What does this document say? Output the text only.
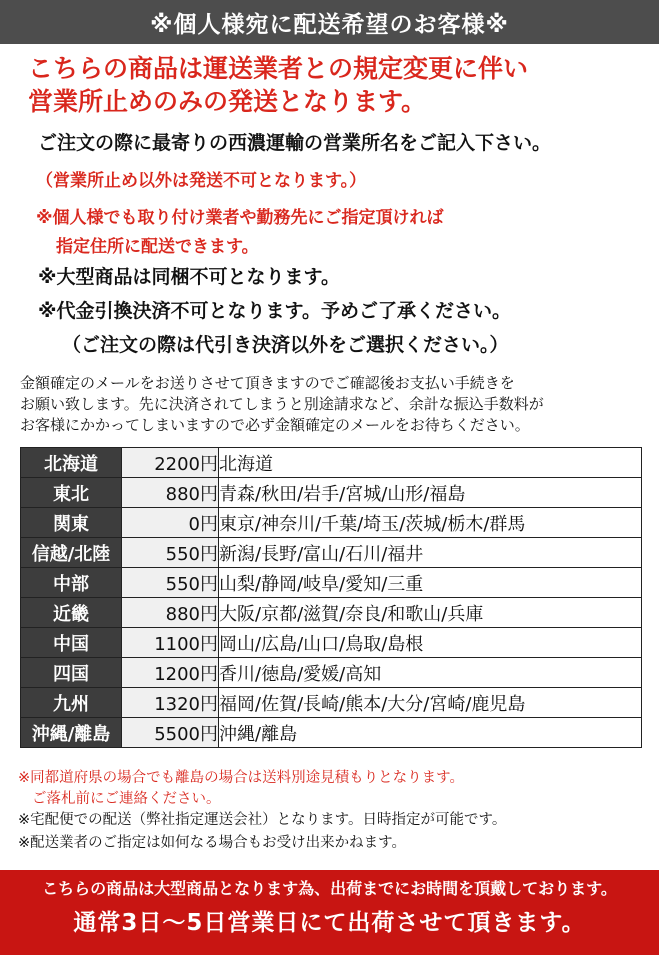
※個人様宛に配送希望のお客様※
こちらの商品は運送業者との規定変更に伴い
営業所止めのみの発送となります。
ご注文の際に最寄りの西濃運輸の営業所名をご記入下さい。
（営業所止め以外は発送不可となります。）
※個人様でも取り付け業者や勤務先にご指定頂ければ
指定住所に配送できます。
※大型商品は同梱不可となります。
※代金引換決済不可となります。予めご了承ください。
（ご注文の際は代引き決済以外をご選択ください。）
金額確定のメールをお送りさせて頂きますのでご確認後お支払い手続きを
お願い致します。先に決済されてしまうと別途請求など、余計な振込手数料が
お客様にかかってしまいますので必ず金額確定のメールをお待ちください。
北海道	2200円	北海道
東北	880円	青森/秋田/岩手/宮城/山形/福島
関東	0円	東京/神奈川/千葉/埼玉/茨城/栃木/群馬
信越/北陸	550円	新潟/長野/富山/石川/福井
中部	550円	山梨/静岡/岐阜/愛知/三重
近畿	880円	大阪/京都/滋賀/奈良/和歌山/兵庫
中国	1100円	岡山/広島/山口/鳥取/島根
四国	1200円	香川/徳島/愛媛/高知
九州	1320円	福岡/佐賀/長崎/熊本/大分/宮崎/鹿児島
沖縄/離島	5500円	沖縄/離島
※同都道府県の場合でも離島の場合は送料別途見積もりとなります。
ご落札前にご連絡ください。
※宅配便での配送（弊社指定運送会社）となります。日時指定が可能です。
※配送業者のご指定は如何なる場合もお受け出来かねます。
こちらの商品は大型商品となります為、出荷までにお時間を頂戴しております。
通常3日～5日営業日にて出荷させて頂きます。
